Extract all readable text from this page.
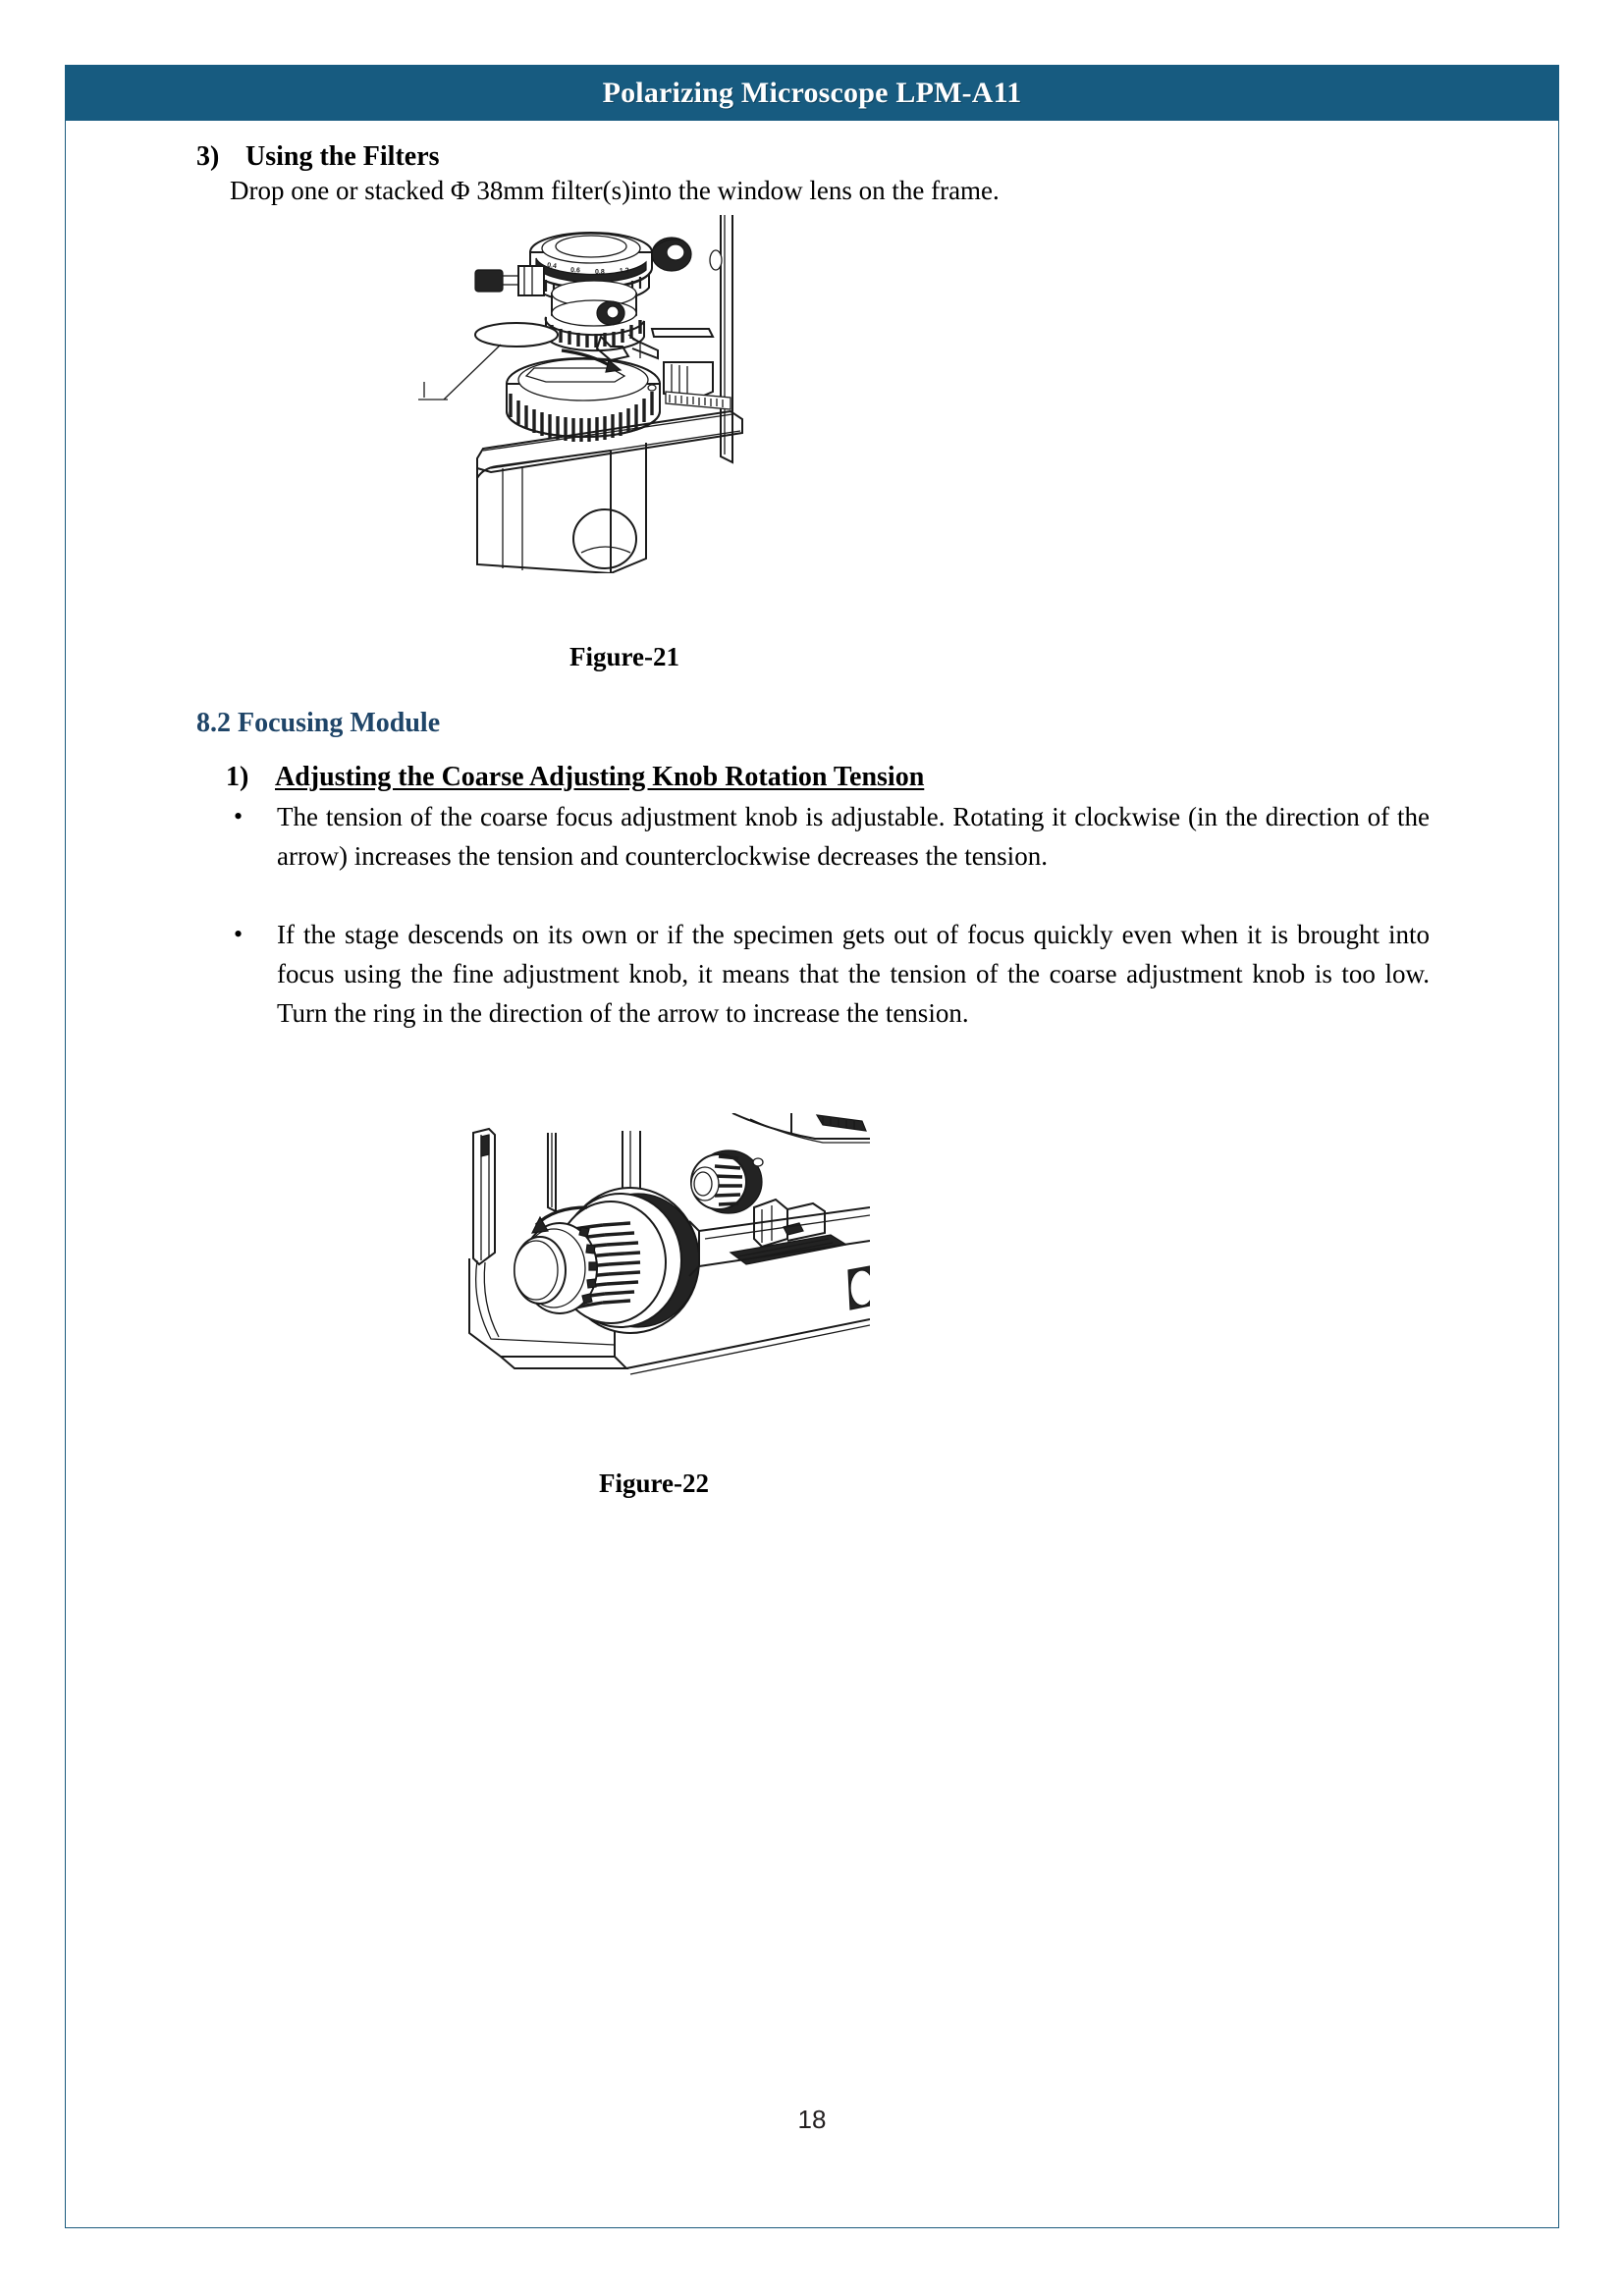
Polarizing Microscope LPM-A11
3) Using the Filters
Drop one or stacked Φ 38mm filter(s)into the window lens on the frame.
0.4
0.6 0.8 1.2
Figure-21
8.2 Focusing Module
1) Adjusting the Coarse Adjusting Knob Rotation Tension
•	The tension of the coarse focus adjustment knob is adjustable. Rotating it clockwise (in the direction of the arrow) increases the tension and counterclockwise decreases the tension.
•	If the stage descends on its own or if the specimen gets out of focus quickly even when it is brought into focus using the fine adjustment knob, it means that the tension of the coarse adjustment knob is too low. Turn the ring in the direction of the arrow to increase the tension.
Figure-22
18
